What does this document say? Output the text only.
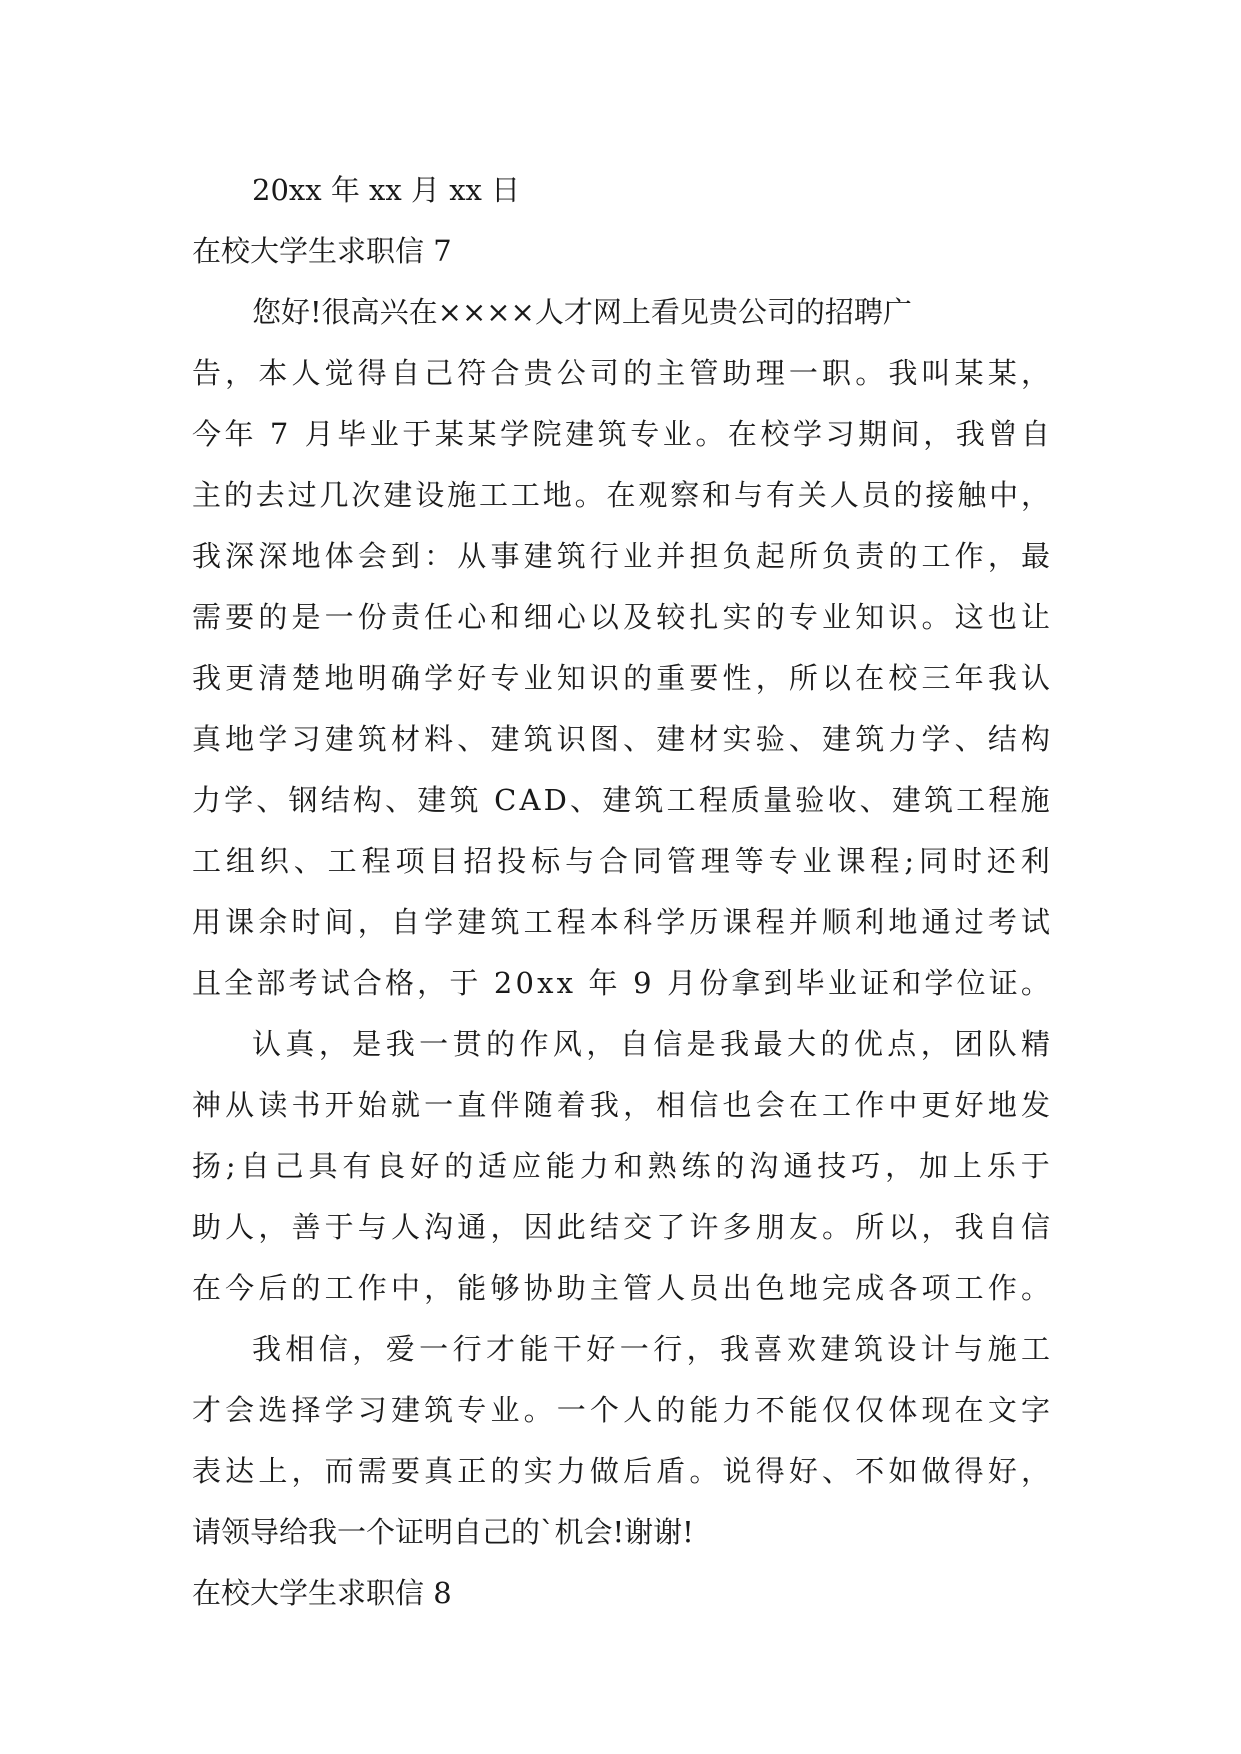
20xx 年 xx 月 xx 日

在校大学生求职信 7
您好!很高兴在××××人才网上看见贵公司的招聘广
告，本人觉得自己符合贵公司的主管助理一职。我叫某某，
今年 7 月毕业于某某学院建筑专业。在校学习期间，我曾自
主的去过几次建设施工工地。在观察和与有关人员的接触中，
我深深地体会到：从事建筑行业并担负起所负责的工作，最
需要的是一份责任心和细心以及较扎实的专业知识。这也让
我更清楚地明确学好专业知识的重要性，所以在校三年我认
真地学习建筑材料、建筑识图、建材实验、建筑力学、结构
力学、钢结构、建筑 CAD、建筑工程质量验收、建筑工程施
工组织、工程项目招投标与合同管理等专业课程;同时还利
用课余时间，自学建筑工程本科学历课程并顺利地通过考试
且全部考试合格，于 20xx 年 9 月份拿到毕业证和学位证。
认真，是我一贯的作风，自信是我最大的优点，团队精
神从读书开始就一直伴随着我，相信也会在工作中更好地发
扬;自己具有良好的适应能力和熟练的沟通技巧，加上乐于
助人，善于与人沟通，因此结交了许多朋友。所以，我自信
在今后的工作中，能够协助主管人员出色地完成各项工作。
我相信，爱一行才能干好一行，我喜欢建筑设计与施工
才会选择学习建筑专业。一个人的能力不能仅仅体现在文字
表达上，而需要真正的实力做后盾。说得好、不如做得好，
请领导给我一个证明自己的`机会!谢谢!
在校大学生求职信 8
